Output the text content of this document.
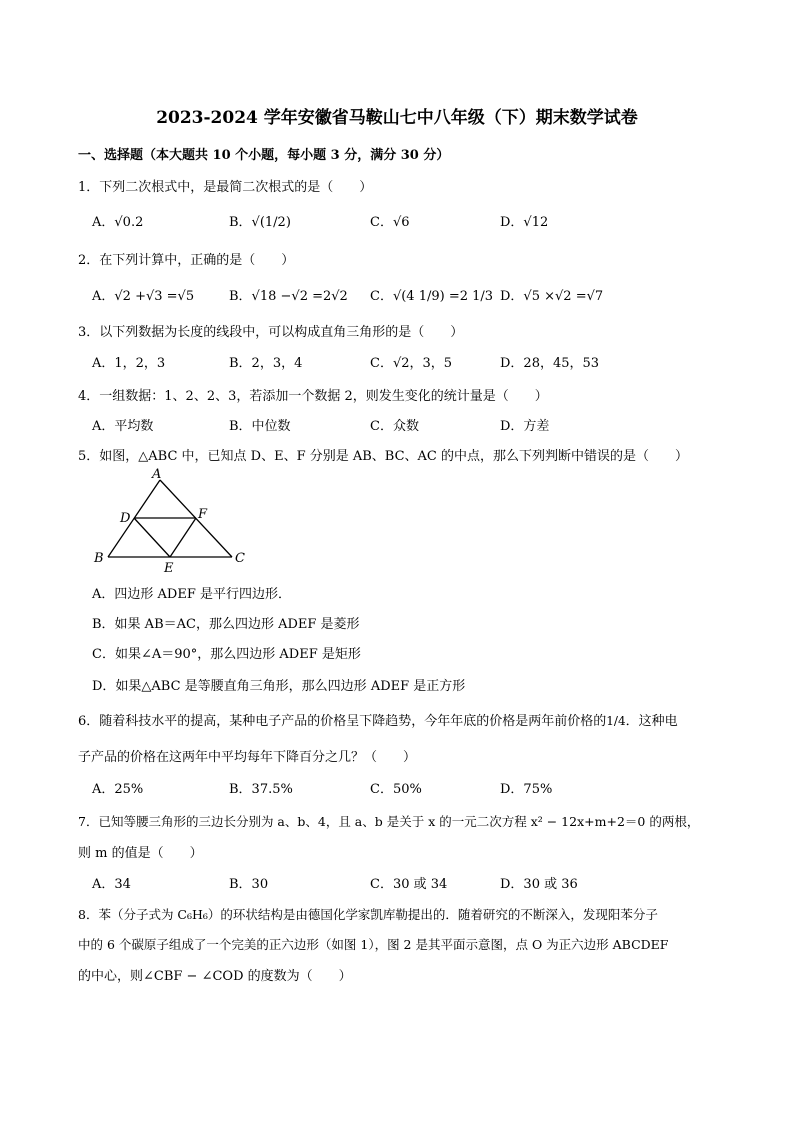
2023-2024 学年安徽省马鞍山七中八年级（下）期末数学试卷
一、选择题（本大题共 10 个小题，每小题 3 分，满分 30 分）
1．下列二次根式中，是最简二次根式的是（　　）
A．√0.2	B．√(1/2)	C．√6	D．√12
2．在下列计算中，正确的是（　　）
A．√2 +√3 =√5	B．√18 −√2 =2√2 C．√(4 1/9) =2 1/3 D．√5 ×√2 =√7
3．以下列数据为长度的线段中，可以构成直角三角形的是（　　）
A．1，2，3	B．2，3，4	C．√2，3，5	D．28，45，53
4．一组数据：1、2、2、3，若添加一个数据 2，则发生变化的统计量是（　　）
A．平均数	B．中位数	C．众数	D．方差
5．如图，△ABC 中，已知点 D、E、F 分别是 AB、BC、AC 的中点，那么下列判断中错误的是（　　）
A
B	C
D
E
F
A．四边形 ADEF 是平行四边形．
B．如果 AB＝AC，那么四边形 ADEF 是菱形
C．如果∠A＝90°，那么四边形 ADEF 是矩形
D．如果△ABC 是等腰直角三角形，那么四边形 ADEF 是正方形
6．随着科技水平的提高，某种电子产品的价格呈下降趋势，今年年底的价格是两年前价格的1/4．这种电
子产品的价格在这两年中平均每年下降百分之几？（　　）
A．25%	B．37.5%	C．50%	D．75%
7．已知等腰三角形的三边长分别为 a、b、4，且 a、b 是关于 x 的一元二次方程 x² − 12x+m+2＝0 的两根，
则 m 的值是（　　）
A．34	B．30	C．30 或 34	D．30 或 36
8．苯（分子式为 C₆H₆）的环状结构是由德国化学家凯库勒提出的．随着研究的不断深入，发现阳苯分子
中的 6 个碳原子组成了一个完美的正六边形（如图 1），图 2 是其平面示意图，点 O 为正六边形 ABCDEF
的中心，则∠CBF − ∠COD 的度数为（　　）
